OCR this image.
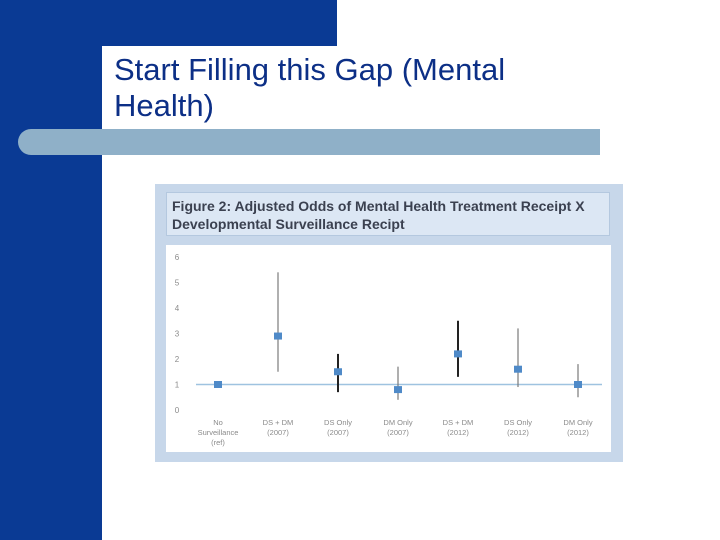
Start Filling this Gap (Mental Health)

Figure 2: Adjusted Odds of Mental Health Treatment Receipt X Developmental Surveillance Recipt

0
1
2
3
4
5
6
No
Surveillance
(ref)
DS + DM
(2007)
DS Only
(2007)
DM Only
(2007)
DS + DM
(2012)
DS Only
(2012)
DM Only
(2012)
